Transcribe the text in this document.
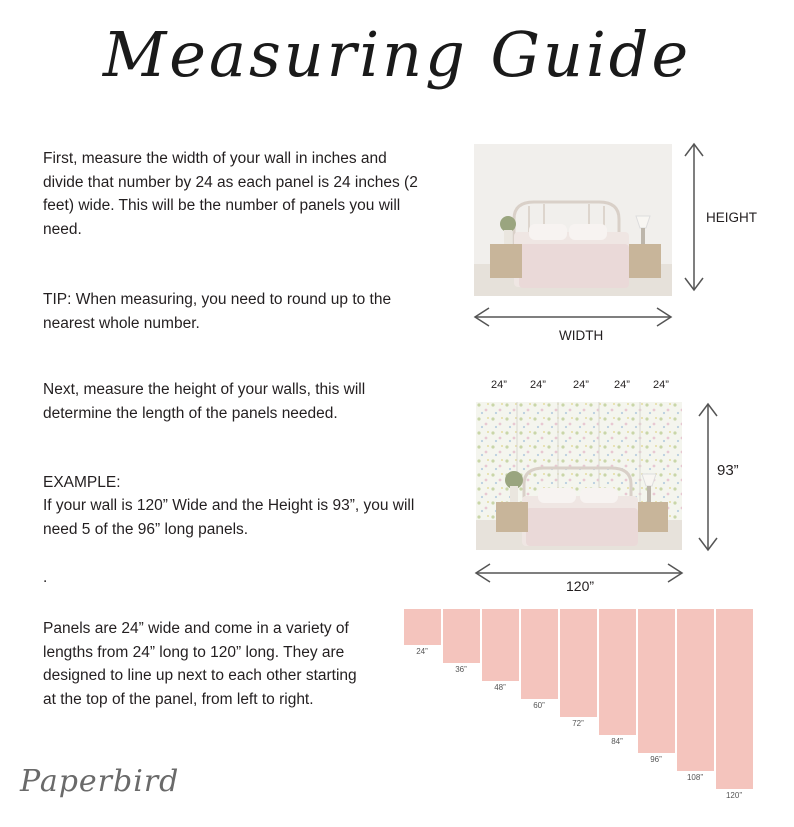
Measuring Guide

First, measure the width of your wall in inches and divide that number by 24 as each panel is 24 inches (2 feet) wide. This will be the number of panels you will need.

TIP: When measuring, you need to round up to the nearest whole number.

Next, measure the height of your walls, this will determine the length of the panels needed.

EXAMPLE:

If your wall is 120” Wide and the Height is 93”, you will need 5 of the 96” long panels.

.

Panels are 24” wide and come in a variety of lengths from 24” long to 120” long. They are designed to line up next to each other starting at the top of the panel, from left to right.

HEIGHT
WIDTH
24” 24” 24” 24” 24”
93”
120”
24”
36”
48”
60”
72”
84”
96”
108”
120”
Paperbird
